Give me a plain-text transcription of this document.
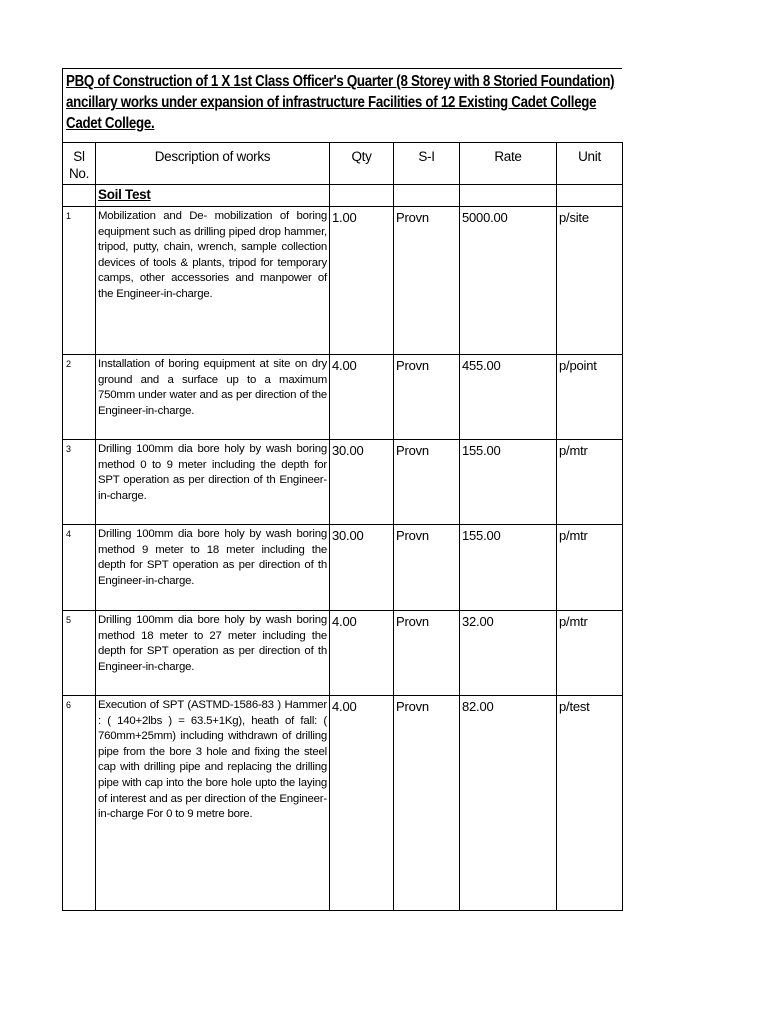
PBQ of Construction of 1 X 1st Class Officer's Quarter (8 Storey with 8 Storied Foundation)
ancillary works under expansion of infrastructure Facilities of 12 Existing Cadet College
Cadet College.
Sl
No.	Description of works	Qty	S-I	Rate	Unit
	Soil Test				
1	Mobilization and De- mobilization of boring equipment such as drilling piped drop hammer, tripod, putty, chain, wrench, sample collection devices of tools & plants, tripod for temporary camps, other accessories and manpower of the Engineer-in-charge.	1.00	Provn	5000.00	p/site
2	Installation of boring equipment at site on dry ground and a surface up to a maximum 750mm under water and as per direction of the Engineer-in-charge.	4.00	Provn	455.00	p/point
3	Drilling 100mm dia bore holy by wash boring method 0 to 9 meter including the depth for SPT operation as per direction of th Engineer-in-charge.	30.00	Provn	155.00	p/mtr
4	Drilling 100mm dia bore holy by wash boring method 9 meter to 18 meter including the depth for SPT operation as per direction of th Engineer-in-charge.	30.00	Provn	155.00	p/mtr
5	Drilling 100mm dia bore holy by wash boring method 18 meter to 27 meter including the depth for SPT operation as per direction of th Engineer-in-charge.	4.00	Provn	32.00	p/mtr
6	Execution of SPT (ASTMD-1586-83 ) Hammer : ( 140+2lbs ) = 63.5+1Kg), heath of fall: ( 760mm+25mm) including withdrawn of drilling pipe from the bore 3 hole and fixing the steel cap with drilling pipe and replacing the drilling pipe with cap into the bore hole upto the laying of interest and as per direction of the Engineer-in-charge For 0 to 9 metre bore.	4.00	Provn	82.00	p/test
